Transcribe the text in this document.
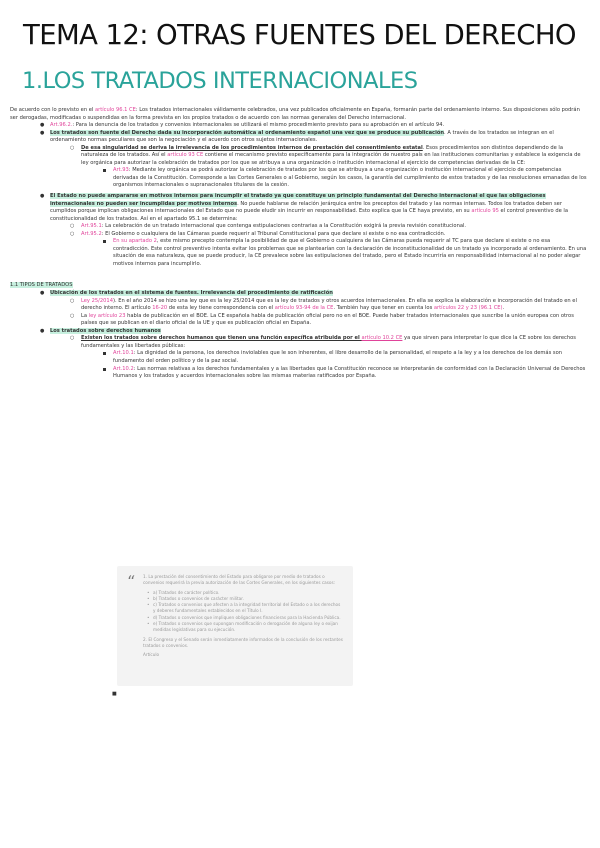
TEMA 12: OTRAS FUENTES DEL DERECHO
1.LOS TRATADOS INTERNACIONALES

De acuerdo con lo previsto en el artículo 96.1 CE: Los tratados internacionales válidamente celebrados, una vez publicados oficialmente en España, formarán parte del ordenamiento interno. Sus disposiciones sólo podrán ser derogadas, modificadas o suspendidas en la forma prevista en los propios tratados o de acuerdo con las normas generales del Derecho internacional.

● Art.96.2.: Para la denuncia de los tratados y convenios internacionales se utilizará el mismo procedimiento previsto para su aprobación en el artículo 94.
● Los tratados son fuente del Derecho dada su incorporación automática al ordenamiento español una vez que se produce su publicación. A través de los tratados se integran en el ordenamiento normas peculiares que son la negociación y el acuerdo con otros sujetos internacionales.
○ De esa singularidad se deriva la irrelevancia de los procedimientos internos de prestación del consentimiento estatal. Esos procedimientos son distintos dependiendo de la naturaleza de los tratados. Así el artículo 93 CE contiene el mecanismo previsto específicamente para la integración de nuestro país en las instituciones comunitarias y establece la exigencia de ley orgánica para autorizar la celebración de tratados por los que se atribuya a una organización o institución internacional el ejercicio de competencias derivadas de la CE:
Art.93: Mediante ley orgánica se podrá autorizar la celebración de tratados por los que se atribuya a una organización o institución internacional el ejercicio de competencias derivadas de la Constitución. Corresponde a las Cortes Generales o al Gobierno, según los casos, la garantía del cumplimiento de estos tratados y de las resoluciones emanadas de los organismos internacionales o supranacionales titulares de la cesión.
● El Estado no puede ampararse en motivos internos para incumplir el tratado ya que constituye un principio fundamental del Derecho internacional el que las obligaciones internacionales no pueden ser incumplidas por motivos internos. No puede hablarse de relación jerárquica entre los preceptos del tratado y las normas internas. Todos los tratados deben ser cumplidos porque implican obligaciones internacionales del Estado que no puede eludir sin incurrir en responsabilidad. Esto explica que la CE haya previsto, en su artículo 95 el control preventivo de la constitucionalidad de los tratados. Así en el apartado 95.1 se determina:
○ Art.95.1: La celebración de un tratado internacional que contenga estipulaciones contrarias a la Constitución exigirá la previa revisión constitucional.
○ Art.95.2: El Gobierno o cualquiera de las Cámaras puede requerir al Tribunal Constitucional para que declare si existe o no esa contradicción.
En su apartado 2, este mismo precepto contempla la posibilidad de que el Gobierno o cualquiera de las Cámaras pueda requerir al TC para que declare si existe o no esa contradicción. Este control preventivo intenta evitar los problemas que se plantearían con la declaración de inconstitucionalidad de un tratado ya incorporado al ordenamiento. En una situación de esa naturaleza, que se puede producir, la CE prevalece sobre las estipulaciones del tratado, pero el Estado incurriría en responsabilidad internacional al no poder alegar motivos internos para incumplirlo.

1.1 TIPOS DE TRATADOS

● Ubicación de los tratados en el sistema de fuentes. Irrelevancia del procedimiento de ratificación
○ Ley 25/2014). En el año 2014 se hizo una ley que es la ley 25/2014 que es la ley de tratados y otros acuerdos internacionales. En ella se explica la elaboración e incorporación del tratado en el derecho interno. El artículo 16-20 de esta ley tiene correspondencia con el artículo 93-94 de la CE. También hay que tener en cuenta los artículos 22 y 23 (96.1 CE).
○ La ley artículo 23 habla de publicación en el BOE. La CE española habla de publicación oficial pero no en el BOE. Puede haber tratados internacionales que suscribe la unión europea con otros países que se publican en el diario oficial de la UE y que es publicación oficial en España.
● Los tratados sobre derechos humanos
○ Existen los tratados sobre derechos humanos que tienen una función específica atribuida por el artículo 10.2 CE ya que sirven para interpretar lo que dice la CE sobre los derechos fundamentales y las libertades públicas:
Art.10.1: La dignidad de la persona, los derechos inviolables que le son inherentes, el libre desarrollo de la personalidad, el respeto a la ley y a los derechos de los demás son fundamento del orden político y de la paz social.
Art.10.2: Las normas relativas a los derechos fundamentales y a las libertades que la Constitución reconoce se interpretarán de conformidad con la Declaración Universal de Derechos Humanos y los tratados y acuerdos internacionales sobre las mismas materias ratificados por España.
“ 1. La prestación del consentimiento del Estado para obligarse por medio de tratados o convenios requerirá la previa autorización de las Cortes Generales, en los siguientes casos:

• a) Tratados de carácter político.
• b) Tratados o convenios de carácter militar.
• c) Tratados o convenios que afecten a la integridad territorial del Estado o a los derechos y deberes fundamentales establecidos en el Título I.
• d) Tratados o convenios que impliquen obligaciones financieras para la Hacienda Pública.
• e) Tratados o convenios que supongan modificación o derogación de alguna ley o exijan medidas legislativas para su ejecución.

2. El Congreso y el Senado serán inmediatamente informados de la conclusión de los restantes tratados o convenios.

Artículo

■
